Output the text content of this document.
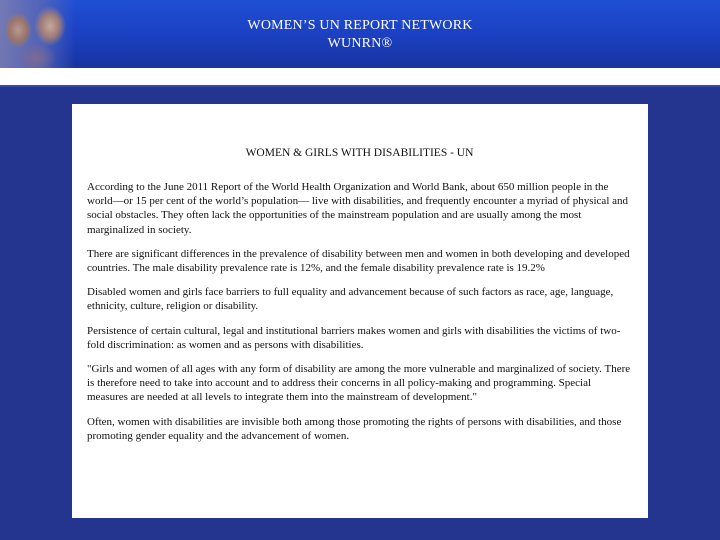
WOMEN’S UN REPORT NETWORK
WUNRN®
WOMEN & GIRLS WITH DISABILITIES - UN

According to the June 2011 Report of the World Health Organization and World Bank, about 650 million people in the world—or 15 per cent of the world’s population— live with disabilities, and frequently encounter a myriad of physical and social obstacles. They often lack the opportunities of the mainstream population and are usually among the most marginalized in society.

There are significant differences in the prevalence of disability between men and women in both developing and developed countries. The male disability prevalence rate is 12%, and the female disability prevalence rate is 19.2%

Disabled women and girls face barriers to full equality and advancement because of such factors as race, age, language, ethnicity, culture, religion or disability.

Persistence of certain cultural, legal and institutional barriers makes women and girls with disabilities the victims of two-fold discrimination: as women and as persons with disabilities.

"Girls and women of all ages with any form of disability are among the more vulnerable and marginalized of society. There is therefore need to take into account and to address their concerns in all policy-making and programming. Special measures are needed at all levels to integrate them into the mainstream of development."

Often, women with disabilities are invisible both among those promoting the rights of persons with disabilities, and those promoting gender equality and the advancement of women.
